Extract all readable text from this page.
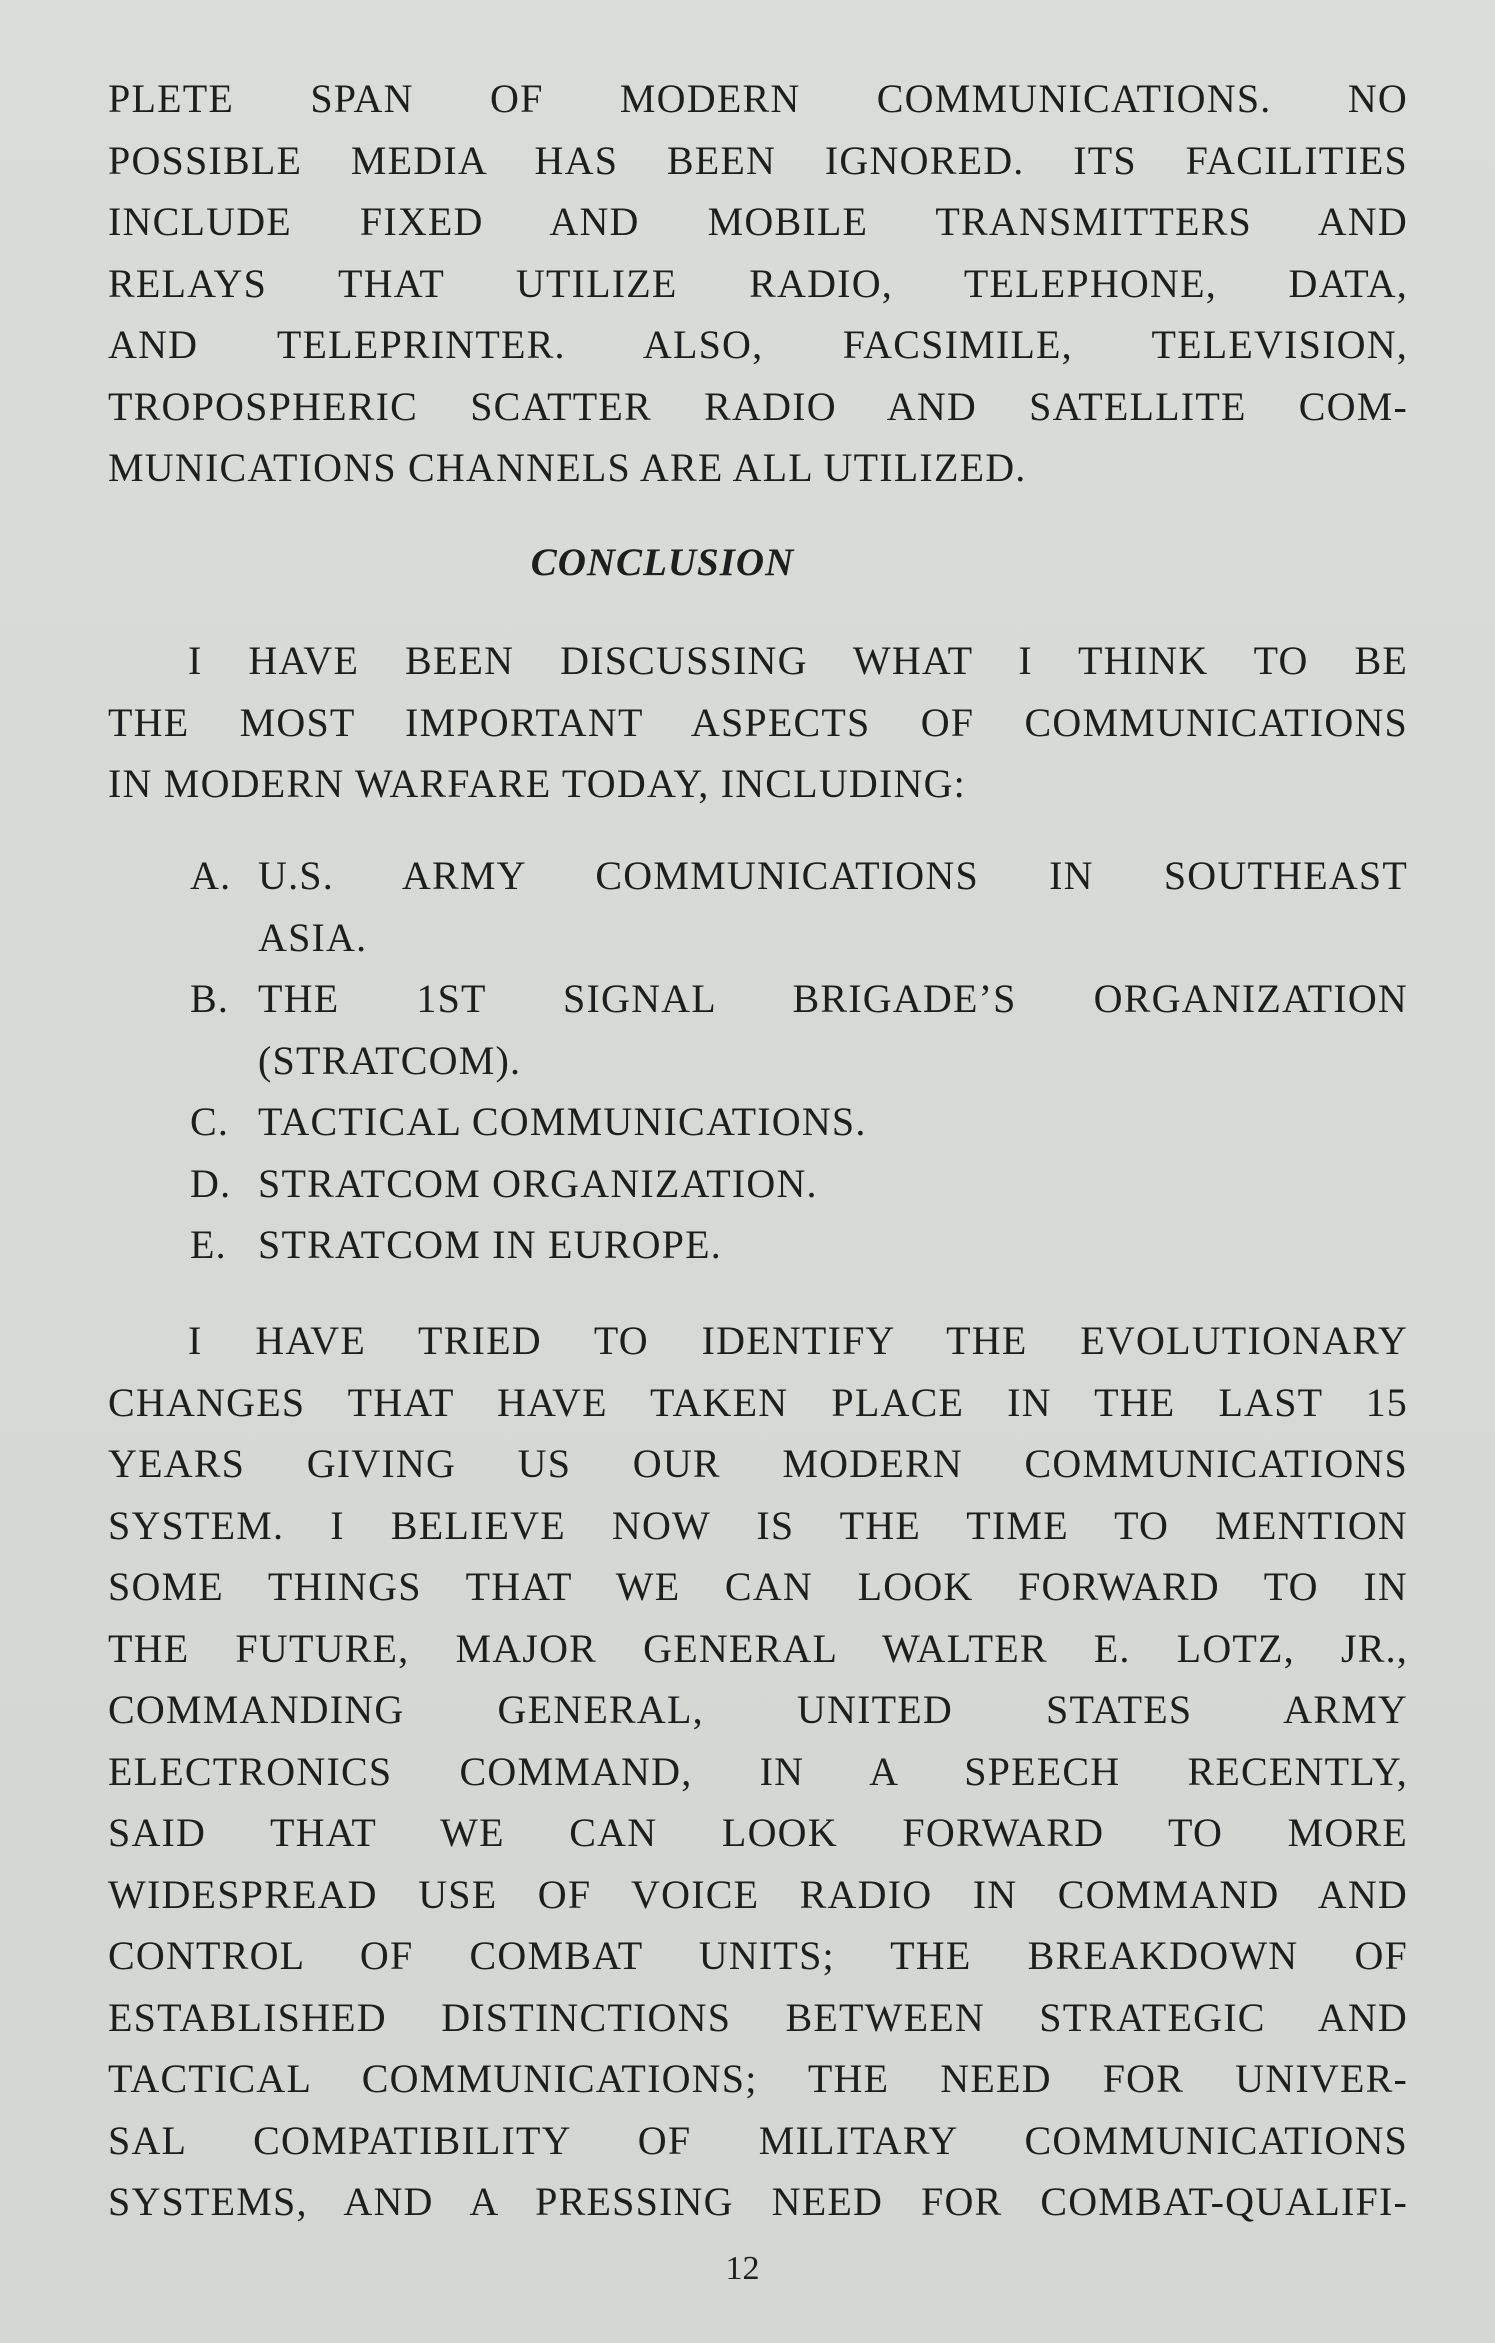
PLETE SPAN OF MODERN COMMUNICATIONS. NO
POSSIBLE MEDIA HAS BEEN IGNORED. ITS FACILITIES
INCLUDE FIXED AND MOBILE TRANSMITTERS AND
RELAYS THAT UTILIZE RADIO, TELEPHONE, DATA,
AND TELEPRINTER. ALSO, FACSIMILE, TELEVISION,
TROPOSPHERIC SCATTER RADIO AND SATELLITE COM-
MUNICATIONS CHANNELS ARE ALL UTILIZED.
CONCLUSION
I HAVE BEEN DISCUSSING WHAT I THINK TO BE
THE MOST IMPORTANT ASPECTS OF COMMUNICATIONS
IN MODERN WARFARE TODAY, INCLUDING:
A. U.S. ARMY COMMUNICATIONS IN SOUTHEAST
ASIA.
B. THE 1ST SIGNAL BRIGADE’S ORGANIZATION
(STRATCOM).
C. TACTICAL COMMUNICATIONS.
D. STRATCOM ORGANIZATION.
E. STRATCOM IN EUROPE.
I HAVE TRIED TO IDENTIFY THE EVOLUTIONARY
CHANGES THAT HAVE TAKEN PLACE IN THE LAST 15
YEARS GIVING US OUR MODERN COMMUNICATIONS
SYSTEM. I BELIEVE NOW IS THE TIME TO MENTION
SOME THINGS THAT WE CAN LOOK FORWARD TO IN
THE FUTURE, MAJOR GENERAL WALTER E. LOTZ, JR.,
COMMANDING GENERAL, UNITED STATES ARMY
ELECTRONICS COMMAND, IN A SPEECH RECENTLY,
SAID THAT WE CAN LOOK FORWARD TO MORE
WIDESPREAD USE OF VOICE RADIO IN COMMAND AND
CONTROL OF COMBAT UNITS; THE BREAKDOWN OF
ESTABLISHED DISTINCTIONS BETWEEN STRATEGIC AND
TACTICAL COMMUNICATIONS; THE NEED FOR UNIVER-
SAL COMPATIBILITY OF MILITARY COMMUNICATIONS
SYSTEMS, AND A PRESSING NEED FOR COMBAT-QUALIFI-
12
